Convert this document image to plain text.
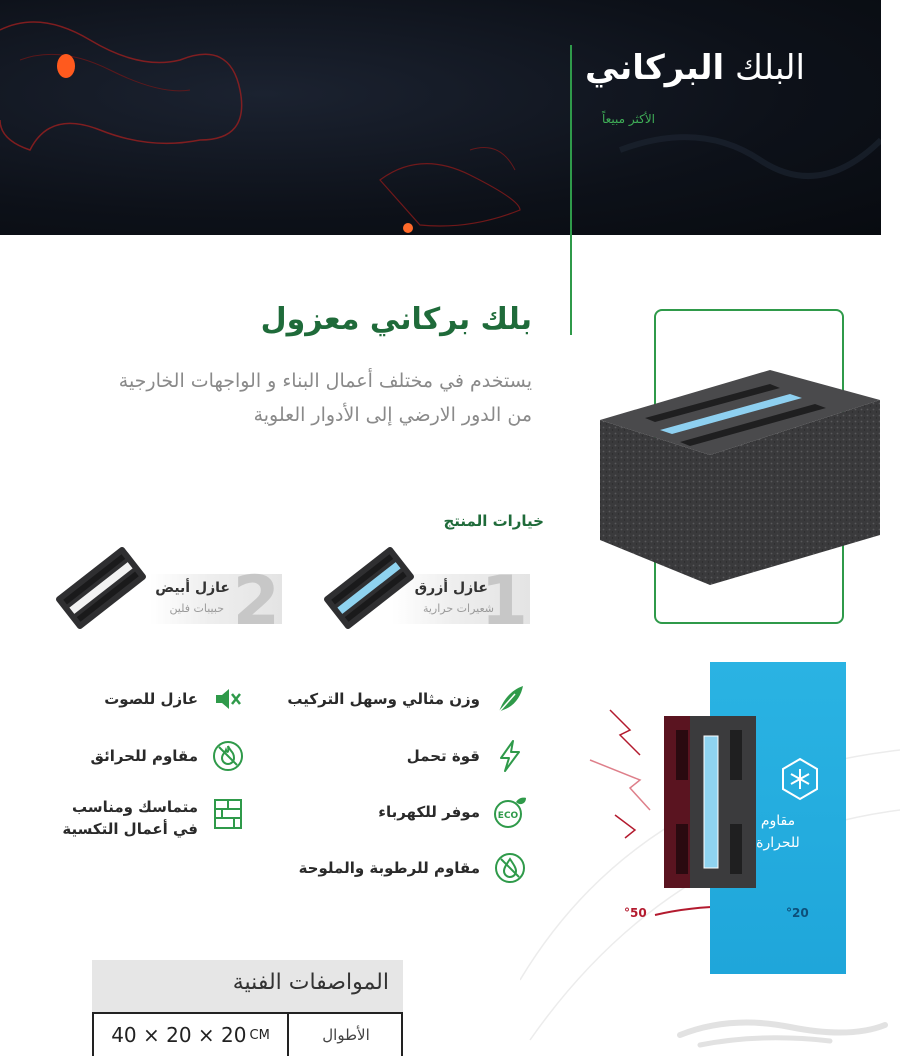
البلك البركاني
الأكثر مبيعاً
بلك بركاني معزول
يستخدم في مختلف أعمال البناء و الواجهات الخارجية من الدور الارضي إلى الأدوار العلوية
خيارات المنتج
1
عازل أزرق
شعيرات حرارية
2
عازل أبيض
حبيبات فلين
وزن مثالي وسهل التركيب
قوة تحمل
ECO
موفر للكهرباء
مقاوم للرطوبة والملوحة
عازل للصوت
مقاوم للحرائق
متماسك ومناسب
في أعمال التكسية	مقاوم
للحرارة
°50	°20
المواصفات الفنية
40 × 20 × 20 CM	الأطوال
